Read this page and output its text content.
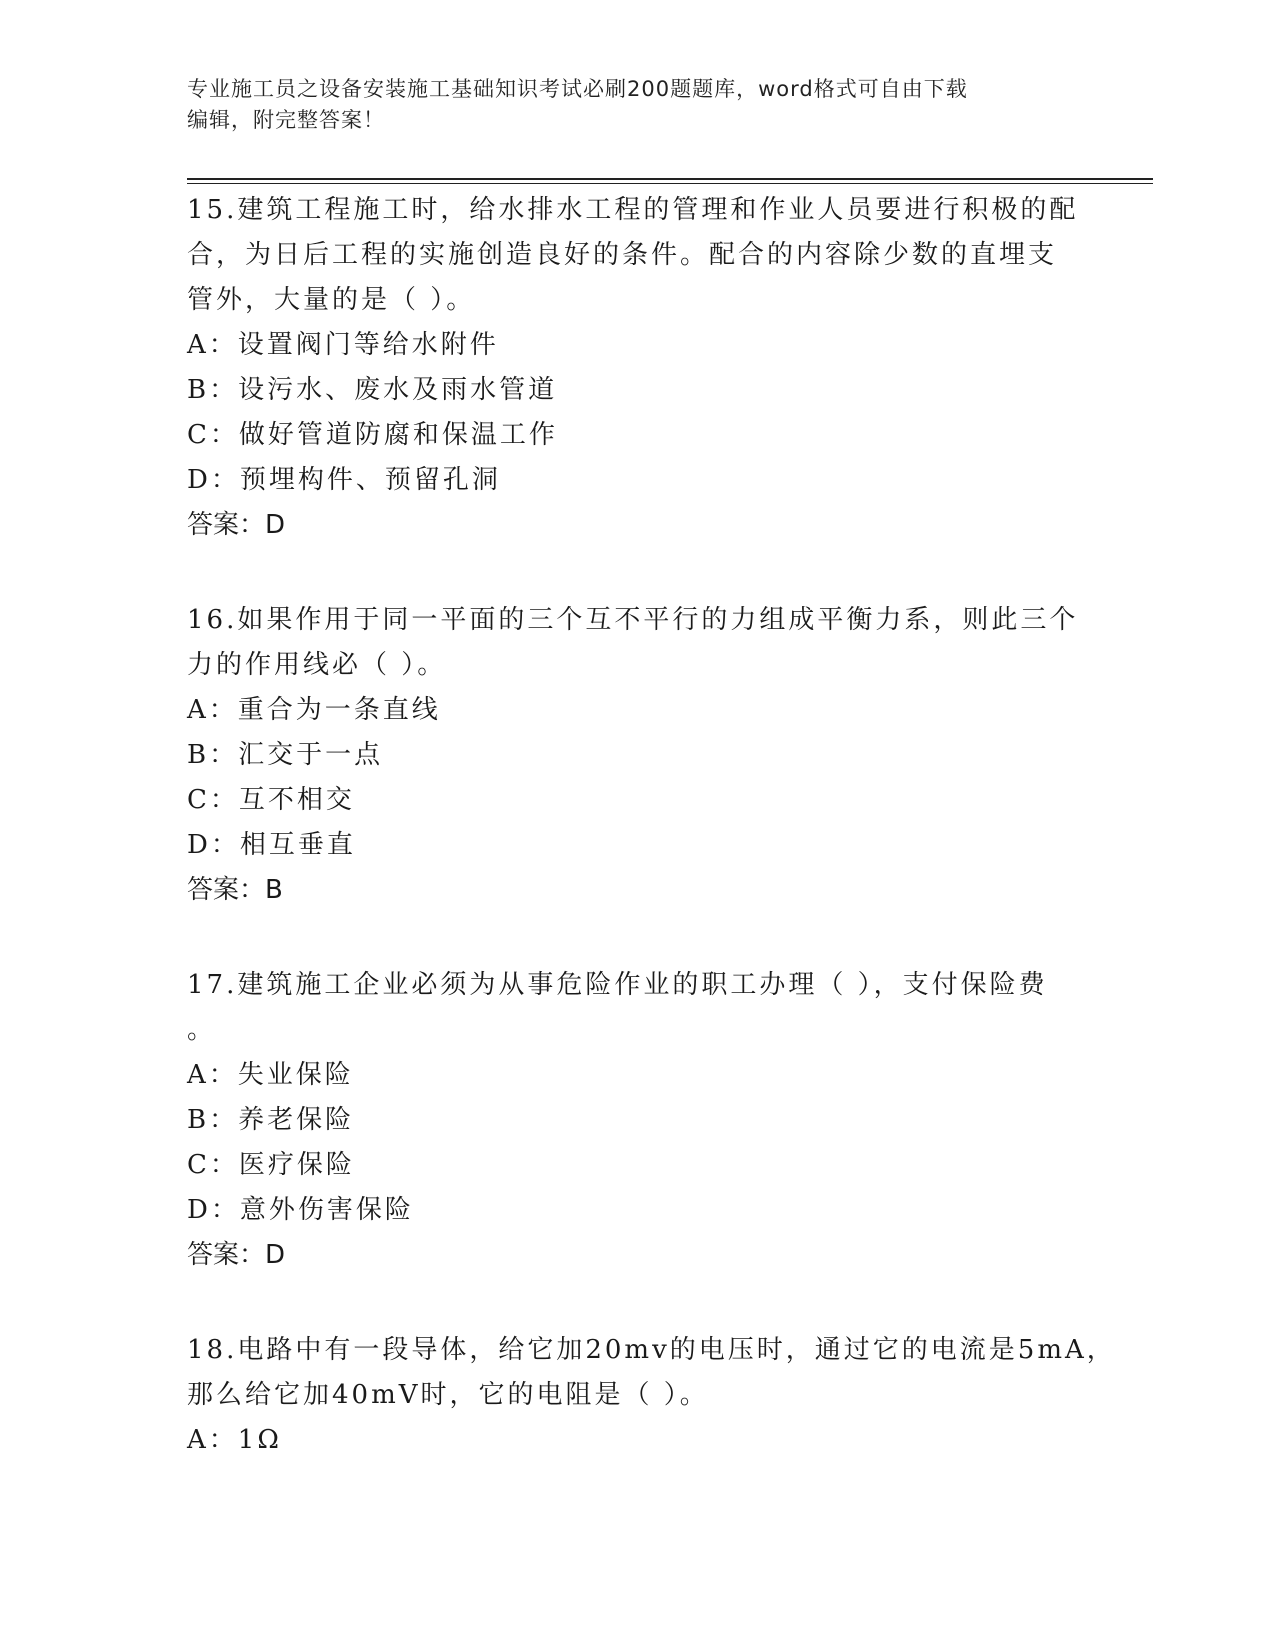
专业施工员之设备安装施工基础知识考试必刷200题题库，word格式可自由下载
编辑，附完整答案！
15.建筑工程施工时，给水排水工程的管理和作业人员要进行积极的配
合，为日后工程的实施创造良好的条件。配合的内容除少数的直埋支
管外，大量的是（ ）。
A：设置阀门等给水附件
B：设污水、废水及雨水管道
C：做好管道防腐和保温工作
D：预埋构件、预留孔洞
答案：D
16.如果作用于同一平面的三个互不平行的力组成平衡力系，则此三个
力的作用线必（ ）。
A：重合为一条直线
B：汇交于一点
C：互不相交
D：相互垂直
答案：B
17.建筑施工企业必须为从事危险作业的职工办理（ ），支付保险费
。
A：失业保险
B：养老保险
C：医疗保险
D：意外伤害保险
答案：D
18.电路中有一段导体，给它加20mv的电压时，通过它的电流是5mA，
那么给它加40mV时，它的电阻是（ ）。
A：1Ω
